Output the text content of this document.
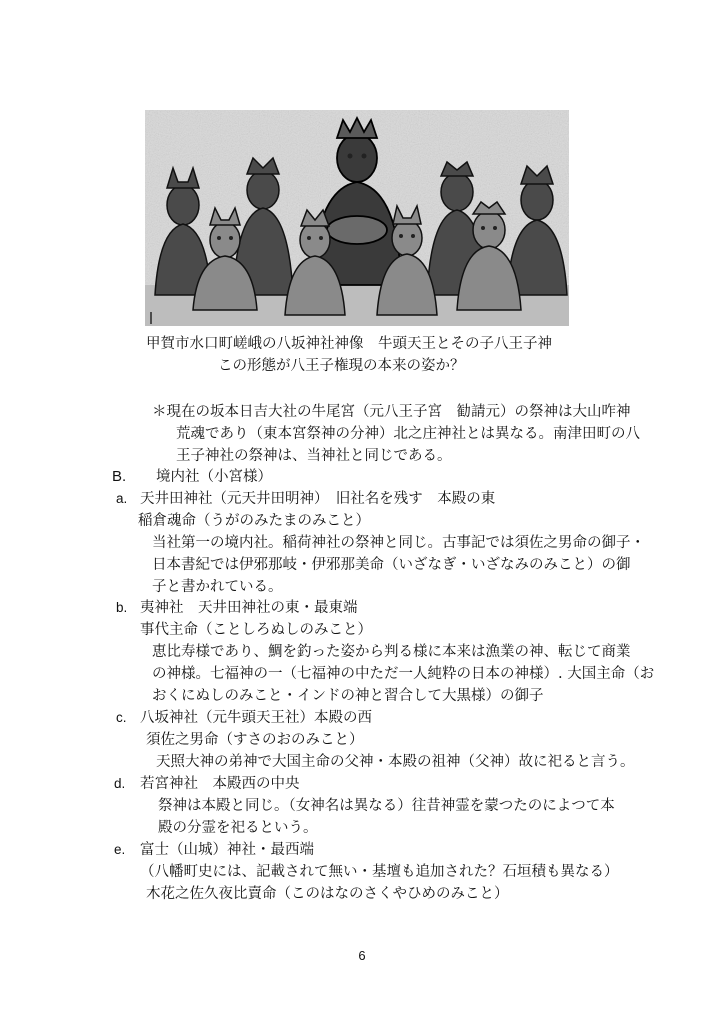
甲賀市水口町嵯峨の八坂神社神像　牛頭天王とその子八王子神
この形態が八王子権現の本来の姿か？
＊現在の坂本日吉大社の牛尾宮（元八王子宮　勧請元）の祭神は大山咋神
荒魂であり（東本宮祭神の分神）北之庄神社とは異なる。南津田町の八
王子神社の祭神は、当神社と同じである。
B. 境内社（小宮様）
a. 天井田神社（元天井田明神）　旧社名を残す　本殿の東
稲倉魂命（うがのみたまのみこと）
当社第一の境内社。稲荷神社の祭神と同じ。古事記では須佐之男命の御子・
日本書紀では伊邪那岐・伊邪那美命（いざなぎ・いざなみのみこと）の御
子と書かれている。
b. 夷神社　天井田神社の東・最東端
事代主命（ことしろぬしのみこと）
恵比寿様であり、鯛を釣った姿から判る様に本来は漁業の神、転じて商業
の神様。七福神の一（七福神の中ただ一人純粋の日本の神様）. 大国主命（お
おくにぬしのみこと・インドの神と習合して大黒様）の御子
c. 八坂神社（元牛頭天王社）本殿の西
須佐之男命（すさのおのみこと）
天照大神の弟神で大国主命の父神・本殿の祖神（父神）故に祀ると言う。
d. 若宮神社　本殿西の中央
祭神は本殿と同じ。（女神名は異なる）往昔神霊を蒙つたのによつて本
殿の分霊を祀るという。
e. 富士（山城）神社・最西端
（八幡町史には、記載されて無い・基壇も追加された？石垣積も異なる）
木花之佐久夜比賣命（このはなのさくやひめのみこと）
6
